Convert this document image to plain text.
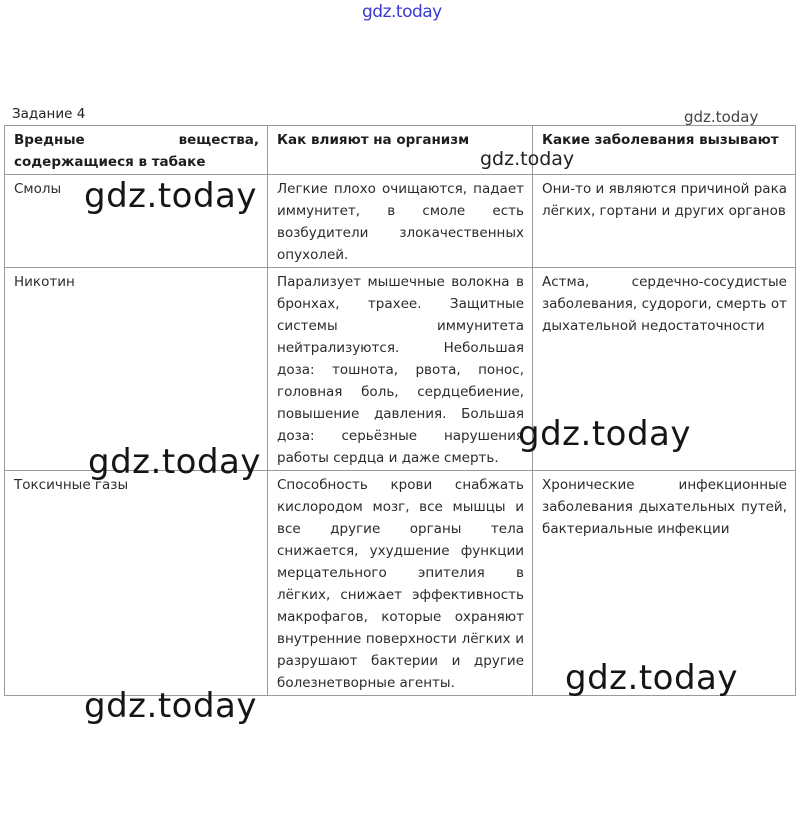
gdz.today
Задание 4	gdz.today
Вредные вещества, содержащиеся в табаке	Как влияют на организм	Какие заболевания вызывают
Смолы	Легкие плохо очищаются, падает иммунитет, в смоле есть возбудители злокачественных опухолей.	Они-то и являются причиной рака лёгких, гортани и других органов
Никотин	Парализует мышечные волокна в бронхах, трахее. Защитные системы иммунитета нейтрализуются. Небольшая доза: тошнота, рвота, понос, головная боль, сердцебиение, повышение давления. Большая доза: серьёзные нарушения работы сердца и даже смерть.	Астма, сердечно-сосудистые заболевания, судороги, смерть от дыхательной недостаточности
Токсичные газы	Способность крови снабжать кислородом мозг, все мышцы и все другие органы тела снижается, ухудшение функции мерцательного эпителия в лёгких, снижает эффективность макрофагов, которые охраняют внутренние поверхности лёгких и разрушают бактерии и другие болезнетворные агенты.	Хронические инфекционные заболевания дыхательных путей, бактериальные инфекции
gdz.today
gdz.today
gdz.today
gdz.today
gdz.today
gdz.today
